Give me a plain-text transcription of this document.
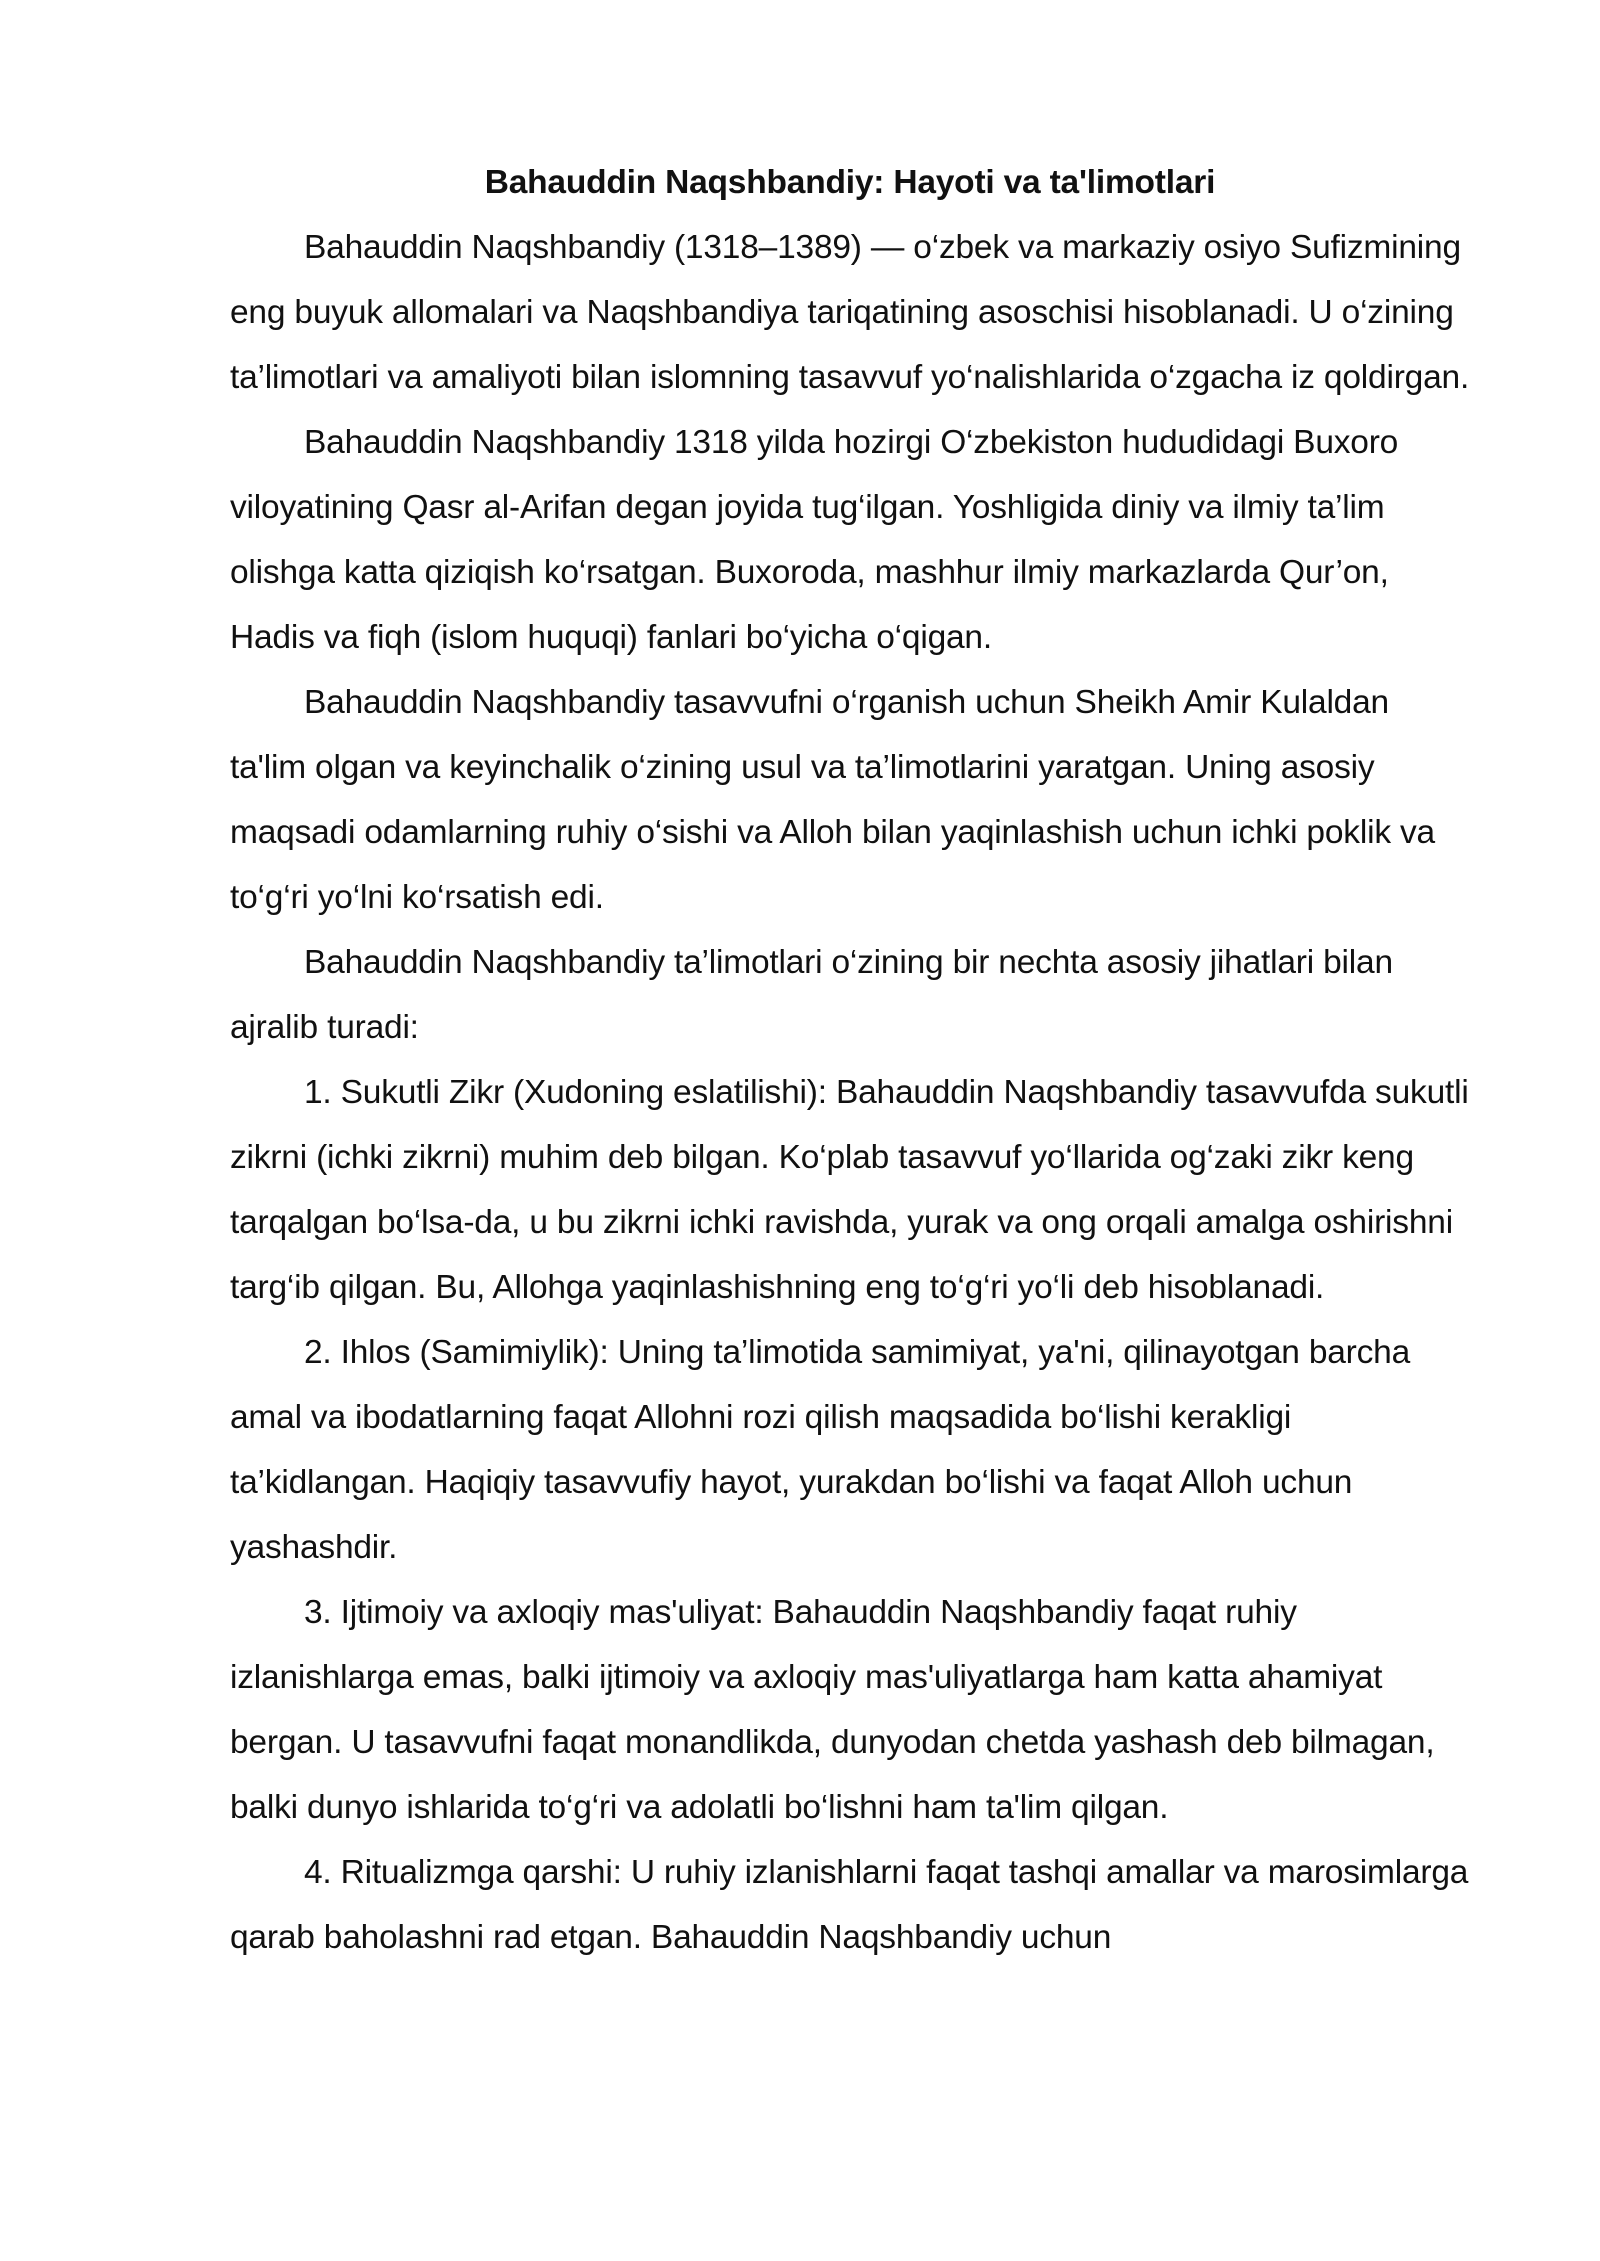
Bahauddin Naqshbandiy: Hayoti va ta'limotlari

Bahauddin Naqshbandiy (1318–1389) — o‘zbek va markaziy osiyo Sufizmining eng buyuk allomalari va Naqshbandiya tariqatining asoschisi hisoblanadi. U o‘zining ta’limotlari va amaliyoti bilan islomning tasavvuf yo‘nalishlarida o‘zgacha iz qoldirgan.

Bahauddin Naqshbandiy 1318 yilda hozirgi O‘zbekiston hududidagi Buxoro viloyatining Qasr al-Arifan degan joyida tug‘ilgan. Yoshligida diniy va ilmiy ta’lim olishga katta qiziqish ko‘rsatgan. Buxoroda, mashhur ilmiy markazlarda Qur’on, Hadis va fiqh (islom huquqi) fanlari bo‘yicha o‘qigan.

Bahauddin Naqshbandiy tasavvufni o‘rganish uchun Sheikh Amir Kulaldan ta'lim olgan va keyinchalik o‘zining usul va ta’limotlarini yaratgan. Uning asosiy maqsadi odamlarning ruhiy o‘sishi va Alloh bilan yaqinlashish uchun ichki poklik va to‘g‘ri yo‘lni ko‘rsatish edi.

Bahauddin Naqshbandiy ta’limotlari o‘zining bir nechta asosiy jihatlari bilan ajralib turadi:

1. Sukutli Zikr (Xudoning eslatilishi): Bahauddin Naqshbandiy tasavvufda sukutli zikrni (ichki zikrni) muhim deb bilgan. Ko‘plab tasavvuf yo‘llarida og‘zaki zikr keng tarqalgan bo‘lsa-da, u bu zikrni ichki ravishda, yurak va ong orqali amalga oshirishni targ‘ib qilgan. Bu, Allohga yaqinlashishning eng to‘g‘ri yo‘li deb hisoblanadi.

2. Ihlos (Samimiylik): Uning ta’limotida samimiyat, ya'ni, qilinayotgan barcha amal va ibodatlarning faqat Allohni rozi qilish maqsadida bo‘lishi kerakligi ta’kidlangan. Haqiqiy tasavvufiy hayot, yurakdan bo‘lishi va faqat Alloh uchun yashashdir.

3. Ijtimoiy va axloqiy mas'uliyat: Bahauddin Naqshbandiy faqat ruhiy izlanishlarga emas, balki ijtimoiy va axloqiy mas'uliyatlarga ham katta ahamiyat bergan. U tasavvufni faqat monandlikda, dunyodan chetda yashash deb bilmagan, balki dunyo ishlarida to‘g‘ri va adolatli bo‘lishni ham ta'lim qilgan.

4. Ritualizmga qarshi: U ruhiy izlanishlarni faqat tashqi amallar va marosimlarga qarab baholashni rad etgan. Bahauddin Naqshbandiy uchun
